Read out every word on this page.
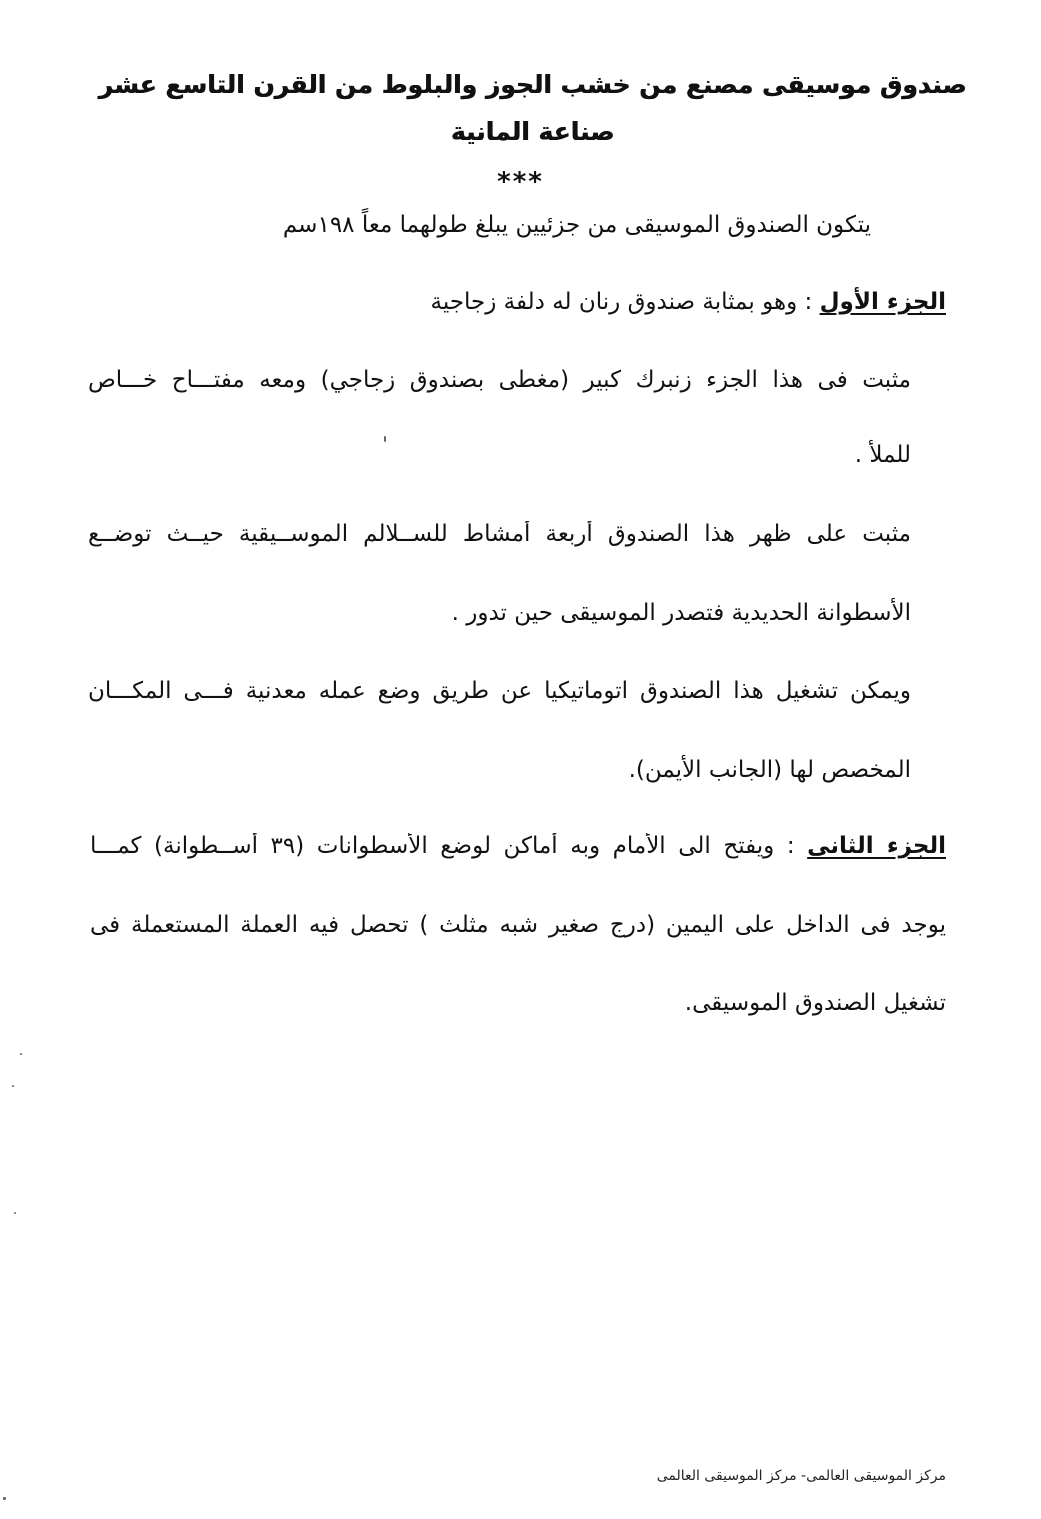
صندوق موسيقى مصنع من خشب الجوز والبلوط من القرن التاسع عشر
صناعة المانية
***
يتكون الصندوق الموسيقى من جزئيين يبلغ طولهما معاً ١٩٨سم
الجزء الأول : وهو بمثابة صندوق رنان له دلفة زجاجية
مثبت فى هذا الجزء زنبرك كبير (مغطى بصندوق زجاجي) ومعه مفتـــاح خـــاص
للملأ .
مثبت على ظهر هذا الصندوق أربعة أمشاط للســلالم الموســيقية حيــث توضــع
الأسطوانة الحديدية فتصدر الموسيقى حين تدور .
ويمكن تشغيل هذا الصندوق اتوماتيكيا عن طريق وضع عمله معدنية فـــى المكـــان
المخصص لها (الجانب الأيمن).
الجزء الثانى : ويفتح الى الأمام وبه أماكن لوضع الأسطوانات (٣٩ أســطوانة) كمـــا
يوجد فى الداخل على اليمين (درج صغير شبه مثلث ) تحصل فيه العملة المستعملة فى
تشغيل الصندوق الموسيقى.
مركز الموسيقى العالمى- مركز الموسيقى العالمى
